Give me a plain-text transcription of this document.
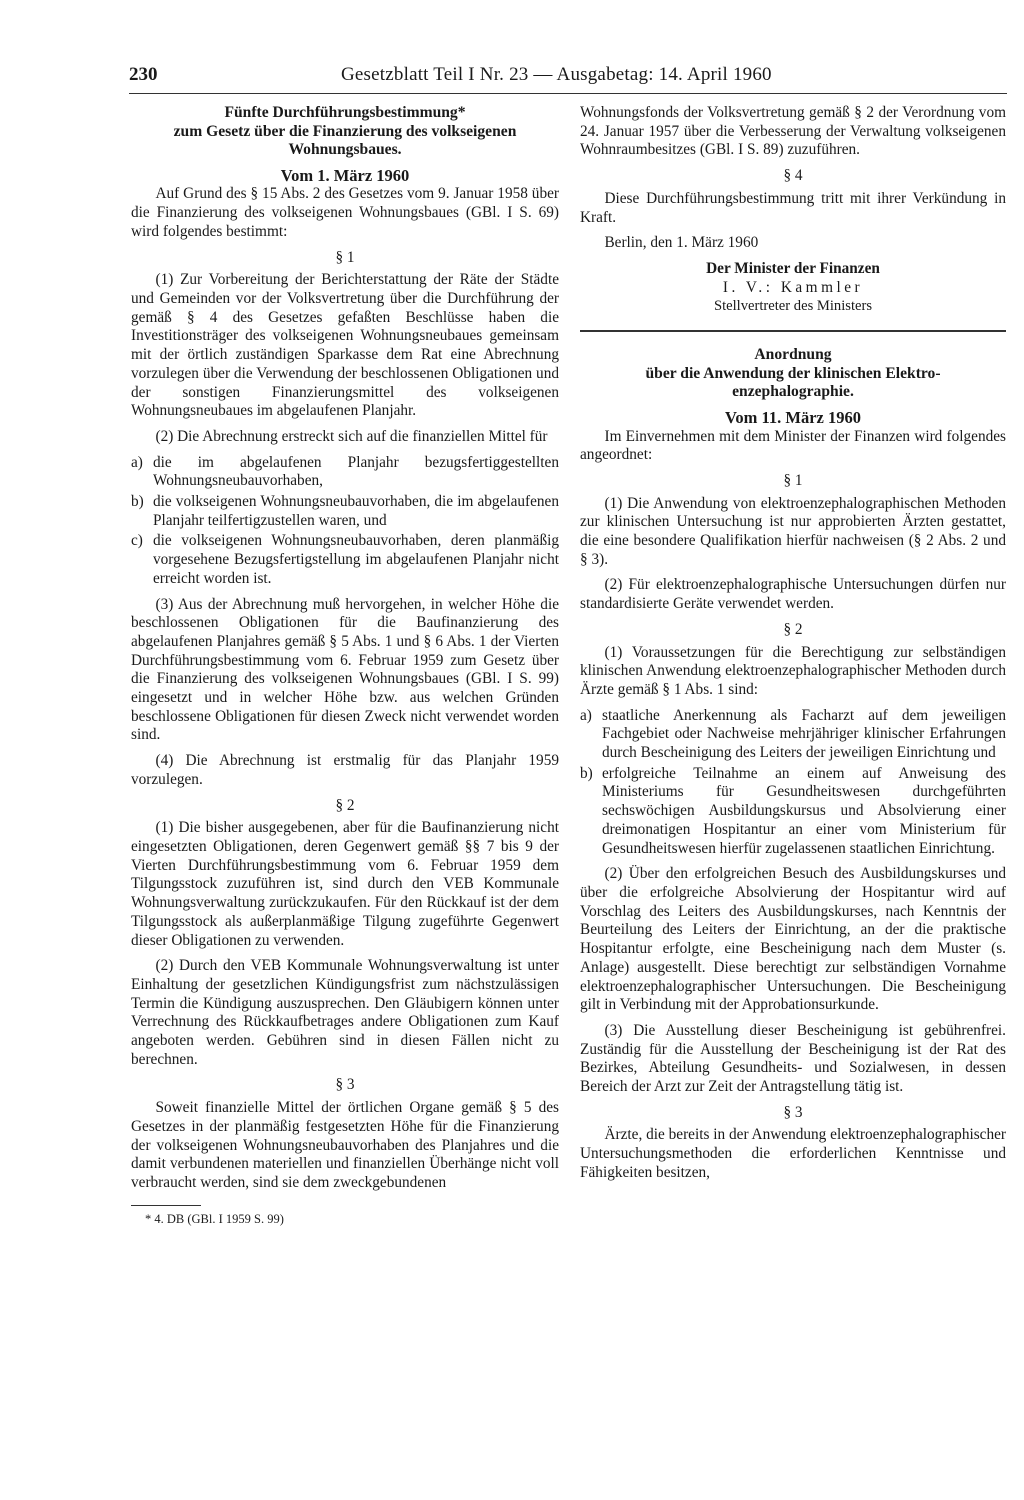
230	Gesetzblatt Teil I Nr. 23 — Ausgabetag: 14. April 1960
Fünfte Durchführungsbestimmung*
zum Gesetz über die Finanzierung des volkseigenen
Wohnungsbaues.
Vom 1. März 1960

Auf Grund des § 15 Abs. 2 des Gesetzes vom 9. Januar 1958 über die Finanzierung des volkseigenen Wohnungsbaues (GBl. I S. 69) wird folgendes bestimmt:

§ 1

(1) Zur Vorbereitung der Berichterstattung der Räte der Städte und Gemeinden vor der Volksvertretung über die Durchführung der gemäß § 4 des Gesetzes gefaßten Beschlüsse haben die Investitionsträger des volkseigenen Wohnungsneubaues gemeinsam mit der örtlich zuständigen Sparkasse dem Rat eine Abrechnung vorzulegen über die Verwendung der beschlossenen Obligationen und der sonstigen Finanzierungsmittel des volkseigenen Wohnungsneubaues im abgelaufenen Planjahr.

(2) Die Abrechnung erstreckt sich auf die finanziellen Mittel für

a) die im abgelaufenen Planjahr bezugsfertiggestellten Wohnungsneubauvorhaben,
b) die volkseigenen Wohnungsneubauvorhaben, die im abgelaufenen Planjahr teilfertigzustellen waren, und
c) die volkseigenen Wohnungsneubauvorhaben, deren planmäßig vorgesehene Bezugsfertigstellung im abgelaufenen Planjahr nicht erreicht worden ist.

(3) Aus der Abrechnung muß hervorgehen, in welcher Höhe die beschlossenen Obligationen für die Baufinanzierung des abgelaufenen Planjahres gemäß § 5 Abs. 1 und § 6 Abs. 1 der Vierten Durchführungsbestimmung vom 6. Februar 1959 zum Gesetz über die Finanzierung des volkseigenen Wohnungsbaues (GBl. I S. 99) eingesetzt und in welcher Höhe bzw. aus welchen Gründen beschlossene Obligationen für diesen Zweck nicht verwendet worden sind.

(4) Die Abrechnung ist erstmalig für das Planjahr 1959 vorzulegen.

§ 2

(1) Die bisher ausgegebenen, aber für die Baufinanzierung nicht eingesetzten Obligationen, deren Gegenwert gemäß §§ 7 bis 9 der Vierten Durchführungsbestimmung vom 6. Februar 1959 dem Tilgungsstock zuzuführen ist, sind durch den VEB Kommunale Wohnungsverwaltung zurückzukaufen. Für den Rückkauf ist der dem Tilgungsstock als außerplanmäßige Tilgung zugeführte Gegenwert dieser Obligationen zu verwenden.

(2) Durch den VEB Kommunale Wohnungsverwaltung ist unter Einhaltung der gesetzlichen Kündigungsfrist zum nächstzulässigen Termin die Kündigung auszusprechen. Den Gläubigern können unter Verrechnung des Rückkaufbetrages andere Obligationen zum Kauf angeboten werden. Gebühren sind in diesen Fällen nicht zu berechnen.

§ 3

Soweit finanzielle Mittel der örtlichen Organe gemäß § 5 des Gesetzes in der planmäßig festgesetzten Höhe für die Finanzierung der volkseigenen Wohnungsneubauvorhaben des Planjahres und die damit verbundenen materiellen und finanziellen Überhänge nicht voll verbraucht werden, sind sie dem zweckgebundenen

* 4. DB (GBl. I 1959 S. 99)

Wohnungsfonds der Volksvertretung gemäß § 2 der Verordnung vom 24. Januar 1957 über die Verbesserung der Verwaltung volkseigenen Wohnraumbesitzes (GBl. I S. 89) zuzuführen.

§ 4

Diese Durchführungsbestimmung tritt mit ihrer Verkündung in Kraft.

Berlin, den 1. März 1960

Der Minister der Finanzen
I. V.: Kammler
Stellvertreter des Ministers
Anordnung
über die Anwendung der klinischen Elektro-
enzephalographie.
Vom 11. März 1960

Im Einvernehmen mit dem Minister der Finanzen wird folgendes angeordnet:

§ 1

(1) Die Anwendung von elektroenzephalographischen Methoden zur klinischen Untersuchung ist nur approbierten Ärzten gestattet, die eine besondere Qualifikation hierfür nachweisen (§ 2 Abs. 2 und § 3).

(2) Für elektroenzephalographische Untersuchungen dürfen nur standardisierte Geräte verwendet werden.

§ 2

(1) Voraussetzungen für die Berechtigung zur selbständigen klinischen Anwendung elektroenzephalographischer Methoden durch Ärzte gemäß § 1 Abs. 1 sind:

a) staatliche Anerkennung als Facharzt auf dem jeweiligen Fachgebiet oder Nachweise mehrjähriger klinischer Erfahrungen durch Bescheinigung des Leiters der jeweiligen Einrichtung und
b) erfolgreiche Teilnahme an einem auf Anweisung des Ministeriums für Gesundheitswesen durchgeführten sechswöchigen Ausbildungskursus und Absolvierung einer dreimonatigen Hospitantur an einer vom Ministerium für Gesundheitswesen hierfür zugelassenen staatlichen Einrichtung.

(2) Über den erfolgreichen Besuch des Ausbildungskurses und über die erfolgreiche Absolvierung der Hospitantur wird auf Vorschlag des Leiters des Ausbildungskurses, nach Kenntnis der Beurteilung des Leiters der Einrichtung, an der die praktische Hospitantur erfolgte, eine Bescheinigung nach dem Muster (s. Anlage) ausgestellt. Diese berechtigt zur selbständigen Vornahme elektroenzephalographischer Untersuchungen. Die Bescheinigung gilt in Verbindung mit der Approbationsurkunde.

(3) Die Ausstellung dieser Bescheinigung ist gebührenfrei. Zuständig für die Ausstellung der Bescheinigung ist der Rat des Bezirkes, Abteilung Gesundheits- und Sozialwesen, in dessen Bereich der Arzt zur Zeit der Antragstellung tätig ist.

§ 3

Ärzte, die bereits in der Anwendung elektroenzephalographischer Untersuchungsmethoden die erforderlichen Kenntnisse und Fähigkeiten besitzen,
